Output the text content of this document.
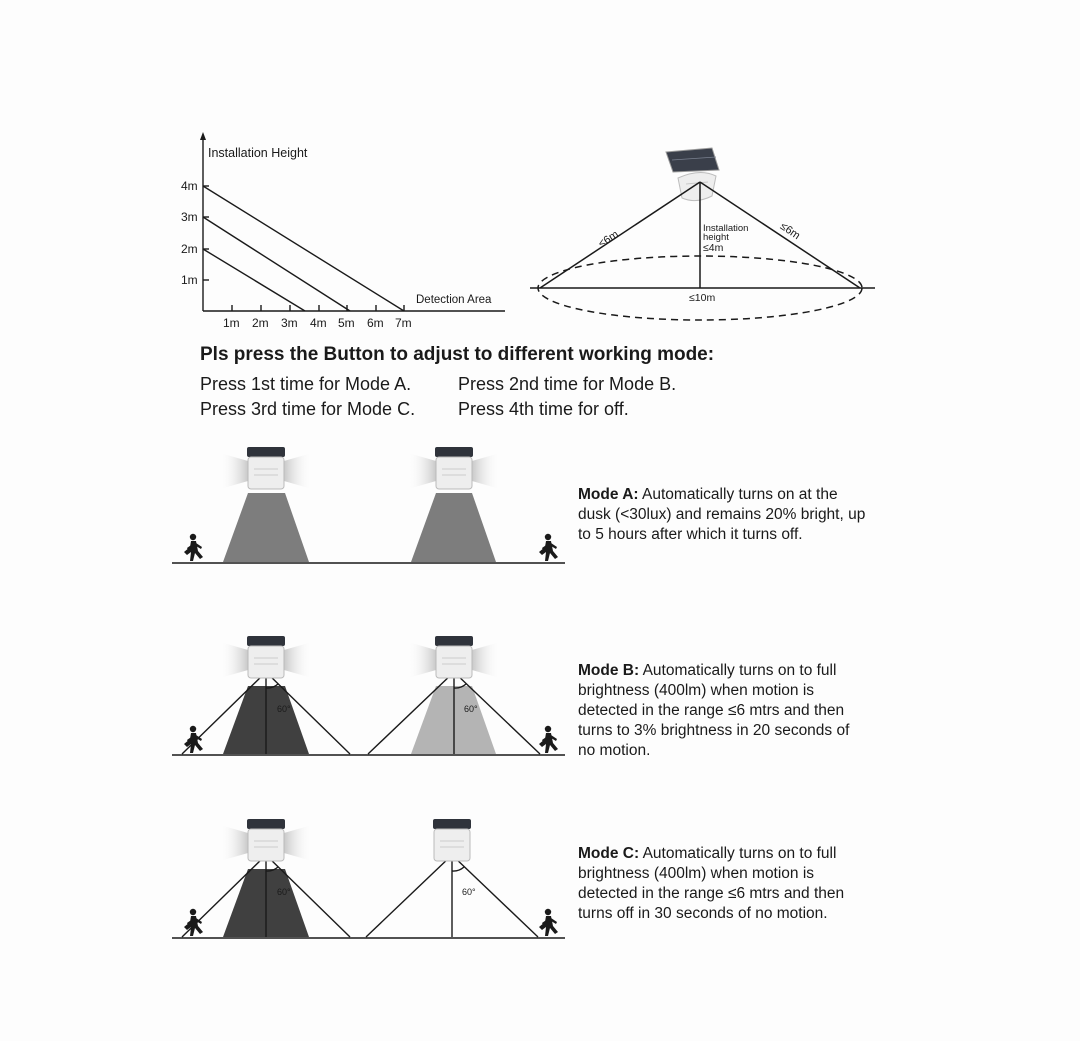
Installation Height
Detection Area
4m
3m
2m
1m
1m 2m 3m 4m 5m 6m 7m
≤6m	≤6m
Installation
height
≤4m
≤10m
Pls press the Button to adjust to different working mode:
Press 1st time for Mode A.	Press 2nd time for Mode B.
Press 3rd time for Mode C. Press 4th time for off.
Mode A: Automatically turns on at the dusk (<30lux) and remains 20% bright, up to 5 hours after which it turns off.
60°	60°
Mode B: Automatically turns on to full brightness (400lm) when motion is detected in the range ≤6 mtrs and then turns to 3% brightness in 20 seconds of no motion.
60°	60°
Mode C: Automatically turns on to full brightness (400lm) when motion is detected in the range ≤6 mtrs and then turns off in 30 seconds of no motion.
